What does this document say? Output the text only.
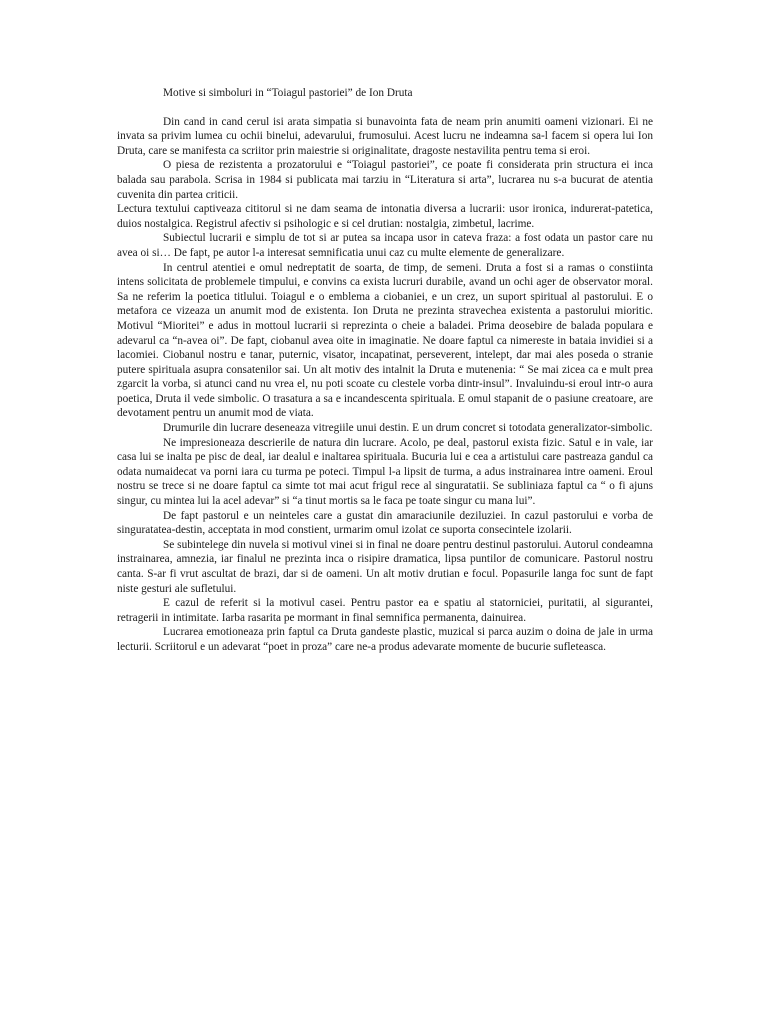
Motive si simboluri in “Toiagul pastoriei” de Ion Druta

Din cand in cand cerul isi arata simpatia si bunavointa fata de neam prin anumiti oameni vizionari. Ei ne invata sa privim lumea cu ochii binelui, adevarului, frumosului. Acest lucru ne indeamna sa-l facem si opera lui Ion Druta, care se manifesta ca scriitor prin maiestrie si originalitate, dragoste nestavilita pentru tema si eroi.

O piesa de rezistenta a prozatorului e “Toiagul pastoriei”, ce poate fi considerata prin structura ei inca balada sau parabola. Scrisa in 1984 si publicata mai tarziu in “Literatura si arta”, lucrarea nu s-a bucurat de atentia cuvenita din partea criticii.

Lectura textului captiveaza cititorul si ne dam seama de intonatia diversa a lucrarii: usor ironica, indurerat-patetica, duios nostalgica. Registrul afectiv si psihologic e si cel drutian: nostalgia, zimbetul, lacrime.

Subiectul lucrarii e simplu de tot si ar putea sa incapa usor in cateva fraza: a fost odata un pastor care nu avea oi si… De fapt, pe autor l-a interesat semnificatia unui caz cu multe elemente de generalizare.

In centrul atentiei e omul nedreptatit de soarta, de timp, de semeni. Druta a fost si a ramas o constiinta intens solicitata de problemele timpului, e convins ca exista lucruri durabile, avand un ochi ager de observator moral. Sa ne referim la poetica titlului. Toiagul e o emblema a ciobaniei, e un crez, un suport spiritual al pastorului. E o metafora ce vizeaza un anumit mod de existenta. Ion Druta ne prezinta stravechea existenta a pastorului mioritic. Motivul “Mioritei” e adus in mottoul lucrarii si reprezinta o cheie a baladei. Prima deosebire de balada populara e adevarul ca “n-avea oi”. De fapt, ciobanul avea oite in imaginatie. Ne doare faptul ca nimereste in bataia invidiei si a lacomiei. Ciobanul nostru e tanar, puternic, visator, incapatinat, perseverent, intelept, dar mai ales poseda o stranie putere spirituala asupra consatenilor sai. Un alt motiv des intalnit la Druta e mutenenia: “ Se mai zicea ca e mult prea zgarcit la vorba, si atunci cand nu vrea el, nu poti scoate cu clestele vorba dintr-insul”. Invaluindu-si eroul intr-o aura poetica, Druta il vede simbolic. O trasatura a sa e incandescenta spirituala. E omul stapanit de o pasiune creatoare, are devotament pentru un anumit mod de viata.

Drumurile din lucrare deseneaza vitregiile unui destin. E un drum concret si totodata generalizator-simbolic.

Ne impresioneaza descrierile de natura din lucrare. Acolo, pe deal, pastorul exista fizic. Satul e in vale, iar casa lui se inalta pe pisc de deal, iar dealul e inaltarea spirituala. Bucuria lui e cea a artistului care pastreaza gandul ca odata numaidecat va porni iara cu turma pe poteci. Timpul l-a lipsit de turma, a adus instrainarea intre oameni. Eroul nostru se trece si ne doare faptul ca simte tot mai acut frigul rece al singuratatii. Se subliniaza faptul ca “ o fi ajuns singur, cu mintea lui la acel adevar” si “a tinut mortis sa le faca pe toate singur cu mana lui”.

De fapt pastorul e un neinteles care a gustat din amaraciunile deziluziei. In cazul pastorului e vorba de singuratatea-destin, acceptata in mod constient, urmarim omul izolat ce suporta consecintele izolarii.

Se subintelege din nuvela si motivul vinei si in final ne doare pentru destinul pastorului. Autorul condeamna instrainarea, amnezia, iar finalul ne prezinta inca o risipire dramatica, lipsa puntilor de comunicare. Pastorul nostru canta. S-ar fi vrut ascultat de brazi, dar si de oameni. Un alt motiv drutian e focul. Popasurile langa foc sunt de fapt niste gesturi ale sufletului.

E cazul de referit si la motivul casei. Pentru pastor ea e spatiu al statorniciei, puritatii, al sigurantei, retragerii in intimitate. Iarba rasarita pe mormant in final semnifica permanenta, dainuirea.

Lucrarea emotioneaza prin faptul ca Druta gandeste plastic, muzical si parca auzim o doina de jale in urma lecturii. Scriitorul e un adevarat “poet in proza” care ne-a produs adevarate momente de bucurie sufleteasca.
